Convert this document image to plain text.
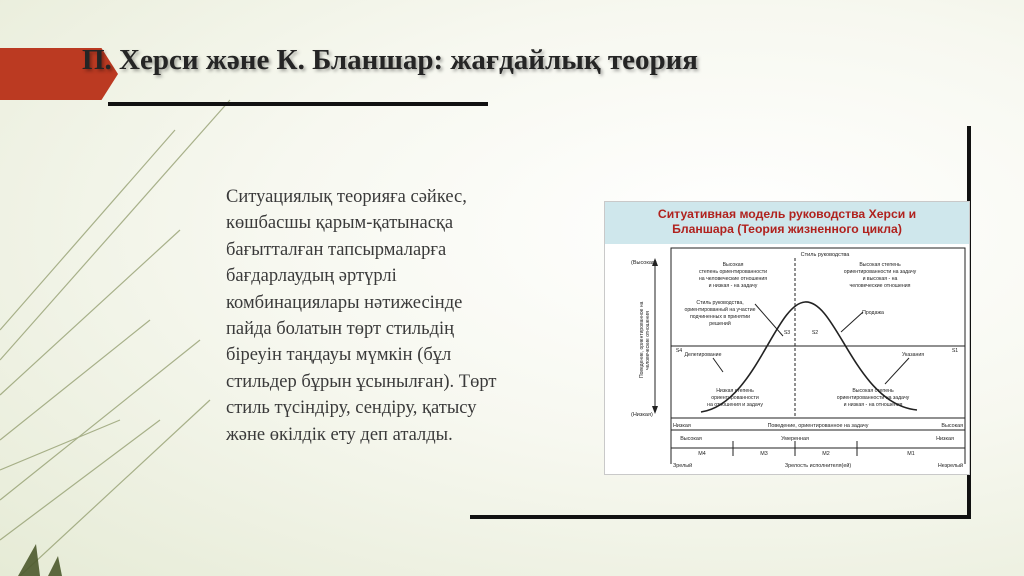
П. Херси және К. Бланшар: жағдайлық теория

Ситуациялық теорияға сәйкес,
көшбасшы қарым-қатынасқа
бағытталған тапсырмаларға
бағдарлаудың әртүрлі
комбинациялары нәтижесінде
пайда болатын төрт стильдің
біреуін таңдауы мүмкін (бұл
стильдер бұрын ұсынылған). Төрт
стиль түсіндіру, сендіру, қатысу
және өкілдік ету деп аталды.

Ситуативная модель руководства Херси и
Бланшара (Теория жизненного цикла)
Стиль руководства
(Высокая)
(Низкая)
Поведение, ориентированное на человеческие отношения
Высокая
степень ориентированности
на человеческие отношения
и низкая - на задачу
Высокая степень
ориентированности на задачу
и высокая - на
человеческие отношения
Стиль руководства,
ориентированный на участие
подчиненных в принятии
решений
Продажа
Делегирование	Указания
S3	S2
S4	S1
Низкая степень
ориентированности
на отношения и задачу
Высокая степень
ориентированности на задачу
и низкая - на отношения
Низкая	Поведение, ориентированное на задачу	Высокая
Высокая	Умеренная	Низкая
M4	M3	M2	M1
Зрелый	Зрелость исполнителя(ей)	Незрелый
